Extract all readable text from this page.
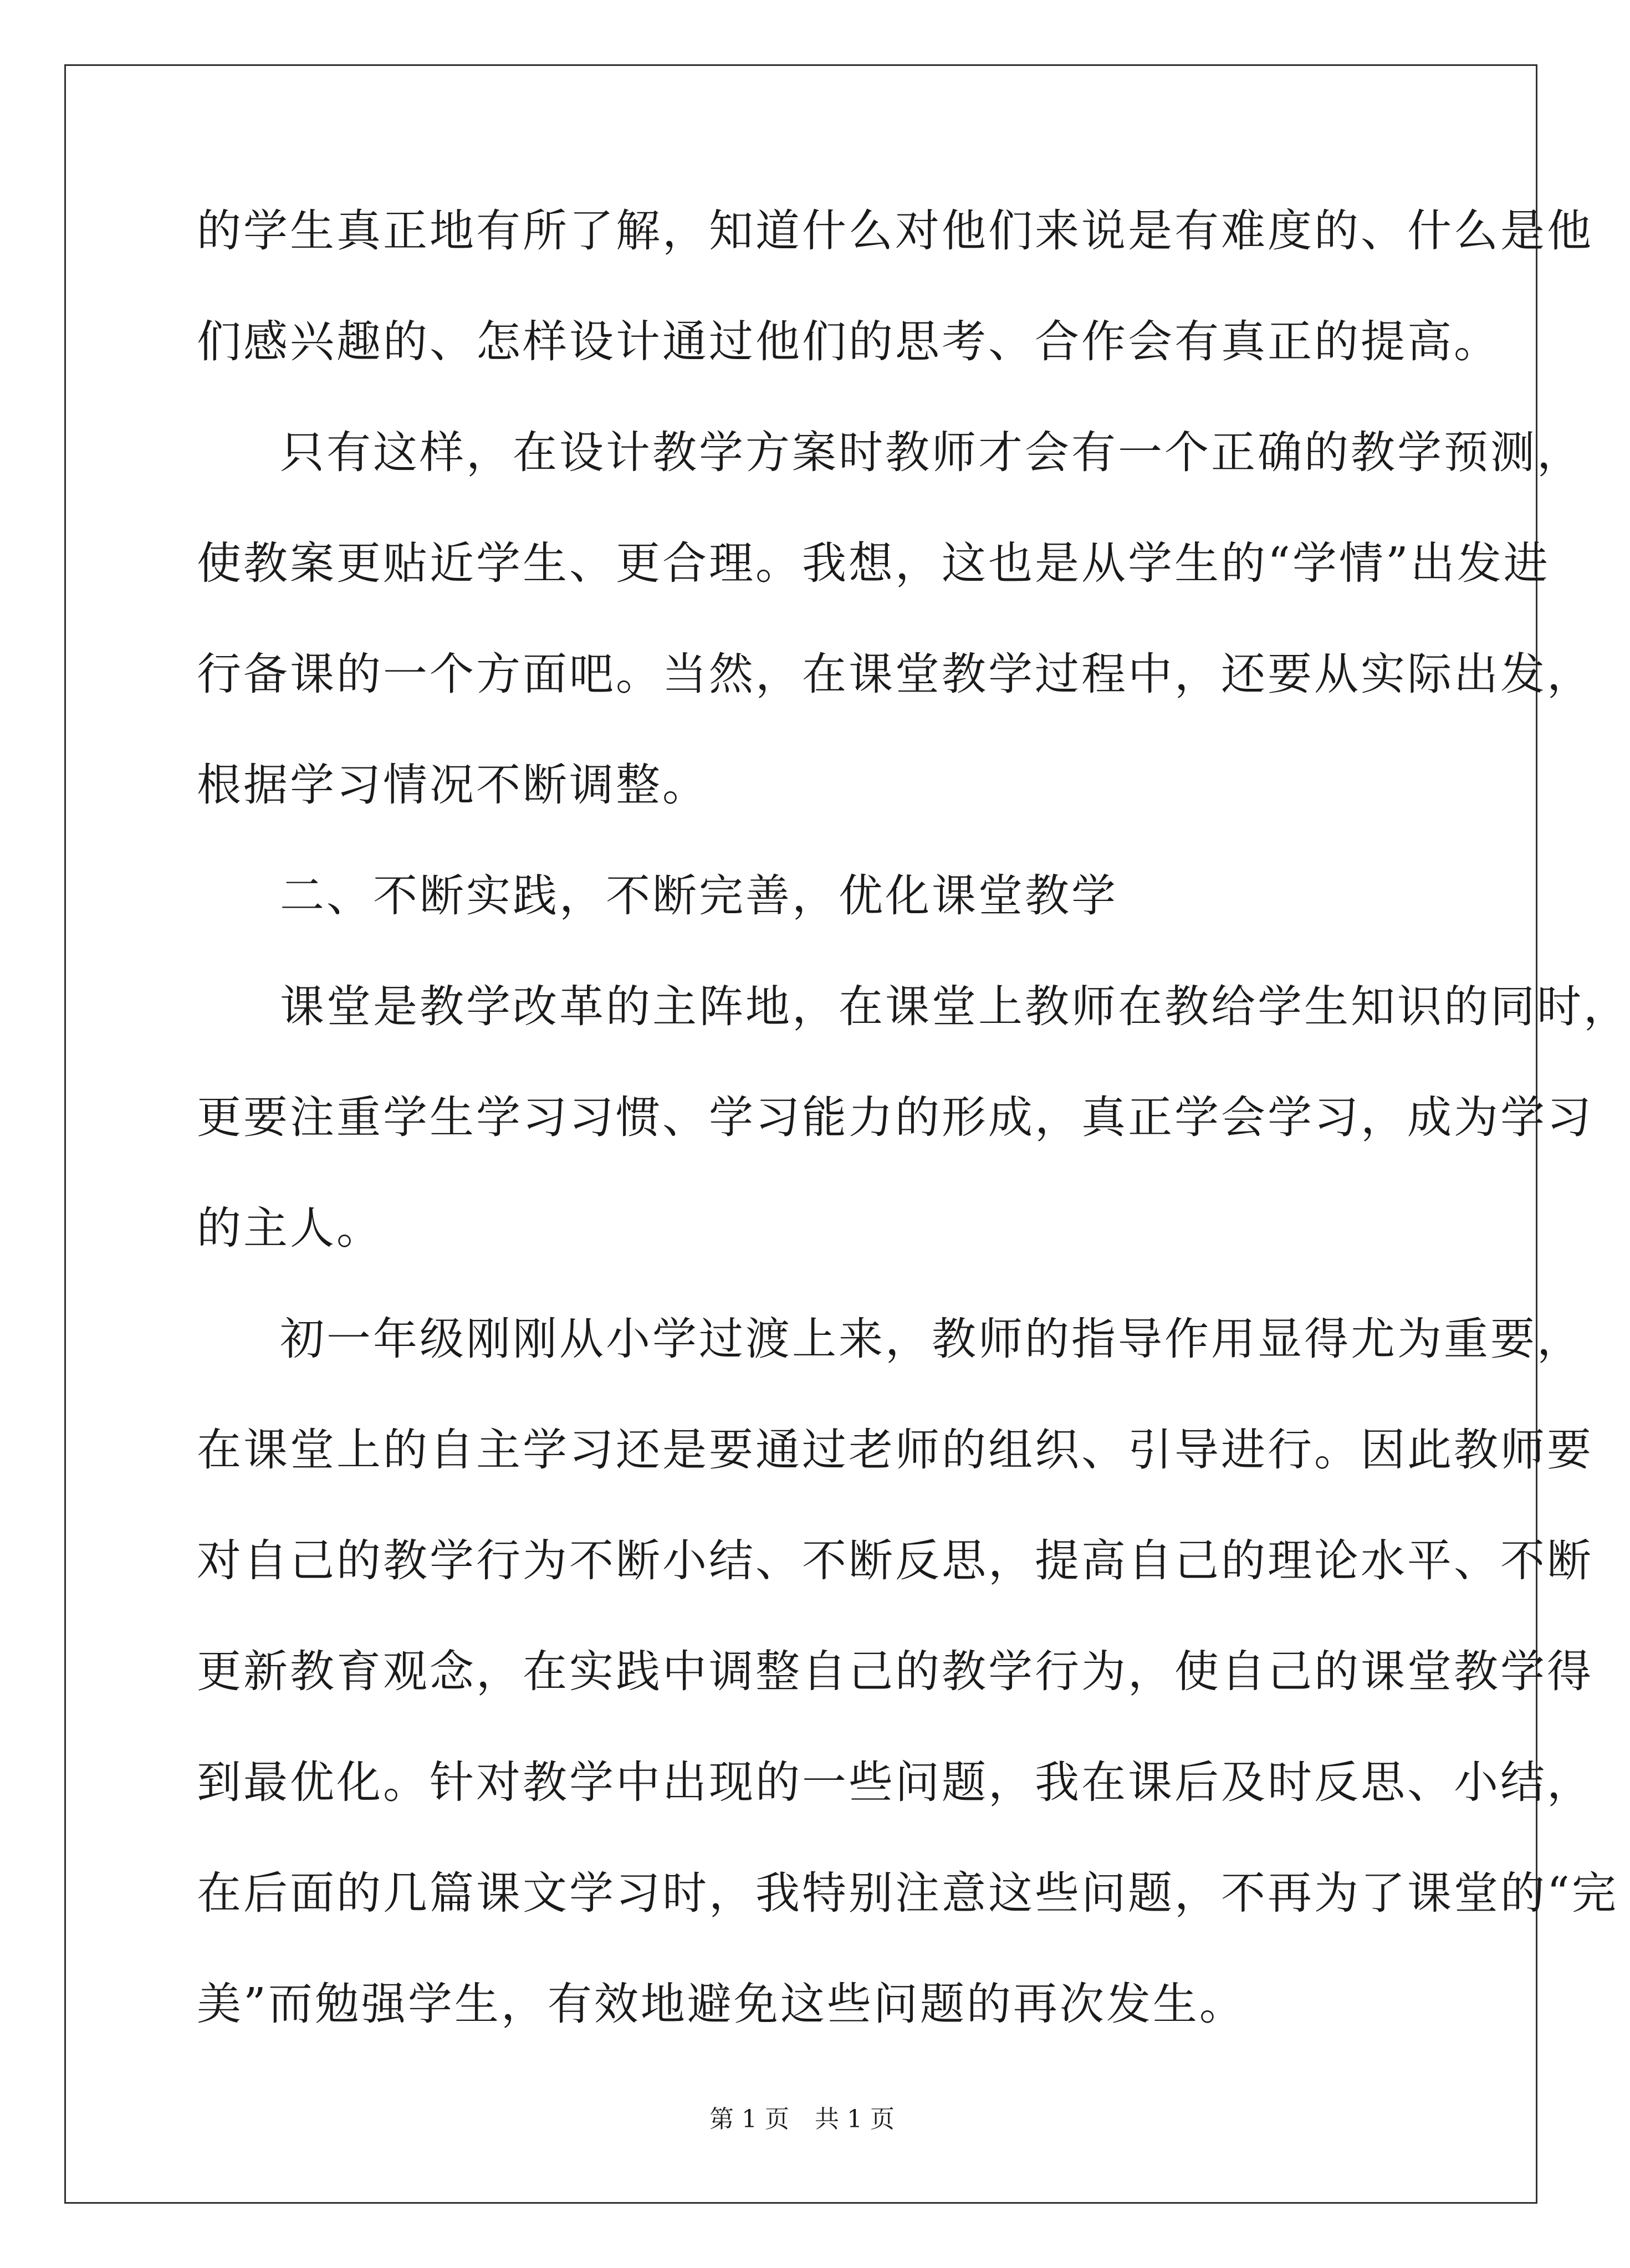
的学生真正地有所了解，知道什么对他们来说是有难度的、什么是他
们感兴趣的、怎样设计通过他们的思考、合作会有真正的提高。
只有这样，在设计教学方案时教师才会有一个正确的教学预测，
使教案更贴近学生、更合理。我想，这也是从学生的“学情”出发进
行备课的一个方面吧。当然，在课堂教学过程中，还要从实际出发，
根据学习情况不断调整。
二、不断实践，不断完善，优化课堂教学
课堂是教学改革的主阵地，在课堂上教师在教给学生知识的同时，
更要注重学生学习习惯、学习能力的形成，真正学会学习，成为学习
的主人。
初一年级刚刚从小学过渡上来，教师的指导作用显得尤为重要，
在课堂上的自主学习还是要通过老师的组织、引导进行。因此教师要
对自己的教学行为不断小结、不断反思，提高自己的理论水平、不断
更新教育观念，在实践中调整自己的教学行为，使自己的课堂教学得
到最优化。针对教学中出现的一些问题，我在课后及时反思、小结，
在后面的几篇课文学习时，我特别注意这些问题，不再为了课堂的“完
美”而勉强学生，有效地避免这些问题的再次发生。
第 1 页 共 1 页
